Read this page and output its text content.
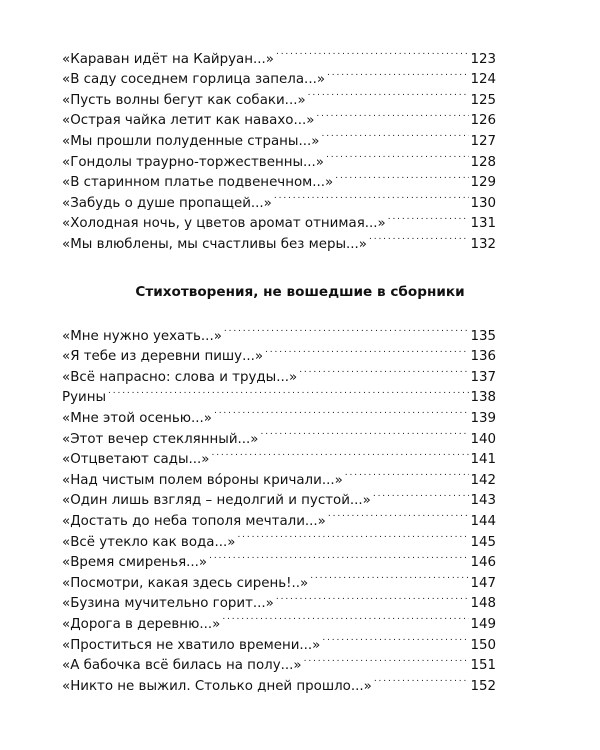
«Караван идёт на Кайруан...» . . .	123
«В саду соседнем горлица запела...» . . .	124
«Пусть волны бегут как собаки...» . . .	125
«Острая чайка летит как навахо...» . . .	126
«Мы прошли полуденные страны...» . . .	127
«Гондолы траурно-торжественны...» . . .	128
«В старинном платье подвенечном...» . . .	129
«Забудь о душе пропащей...» . . .	130
«Холодная ночь, у цветов аромат отнимая...» . . .	131
«Мы влюблены, мы счастливы без меры...» . . .	132
Стихотворения, не вошедшие в сборники
«Мне нужно уехать...» . . .	135
«Я тебе из деревни пишу...» . . .	136
«Всё напрасно: слова и труды...» . . .	137
Руины . . .	138
«Мне этой осенью...» . . .	139
«Этот вечер стеклянный...» . . .	140
«Отцветают сады...» . . .	141
«Над чистым полем во́роны кричали...» . . .	142
«Один лишь взгляд – недолгий и пустой...» . . .	143
«Достать до неба тополя мечтали...» . . .	144
«Всё утекло как вода...» . . .	145
«Время смиренья...» . . .	146
«Посмотри, какая здесь сирень!..» . . .	147
«Бузина мучительно горит...» . . .	148
«Дорога в деревню...» . . .	149
«Проститься не хватило времени...» . . .	150
«А бабочка всё билась на полу...» . . .	151
«Никто не выжил. Столько дней прошло...» . . .	152
